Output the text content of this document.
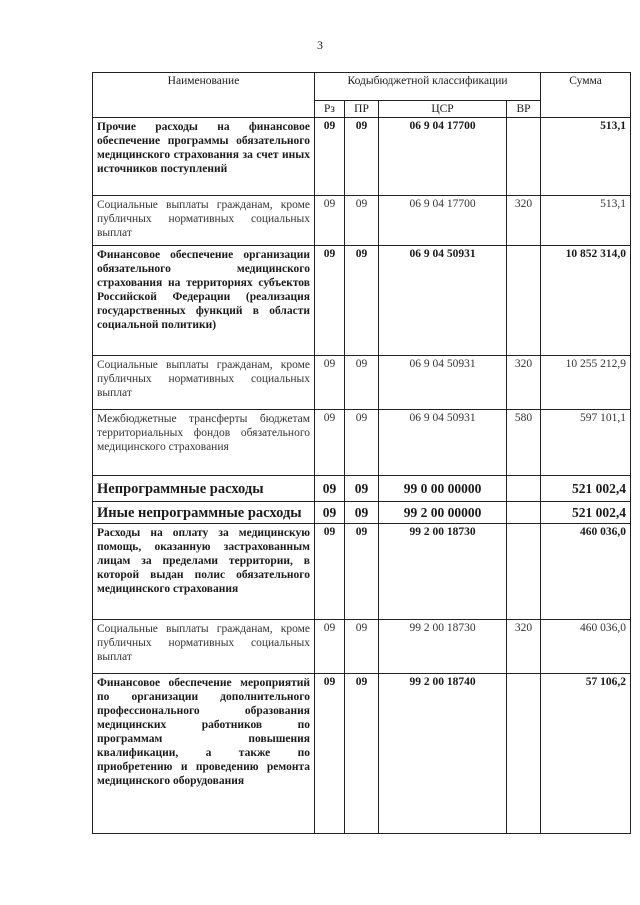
3
Наименование	Кодыбюджетной классификации				Сумма
	Рз	ПР	ЦСР	ВР	
Прочие расходы на финансовое обеспечение программы обязательного медицинского страхования за счет иных источников поступлений	09	09	06 9 04 17700		513,1
Социальные выплаты гражданам, кроме публичных нормативных социальных выплат	09	09	06 9 04 17700	320	513,1
Финансовое обеспечение организации обязательного медицинского страхования на территориях субъектов Российской Федерации (реализация государственных функций в области социальной политики)	09	09	06 9 04 50931		10 852 314,0
Социальные выплаты гражданам, кроме публичных нормативных социальных выплат	09	09	06 9 04 50931	320	10 255 212,9
Межбюджетные трансферты бюджетам территориальных фондов обязательного медицинского страхования	09	09	06 9 04 50931	580	597 101,1
Непрограммные расходы	09	09	99 0 00 00000		521 002,4
Иные непрограммные расходы	09	09	99 2 00 00000		521 002,4
Расходы на оплату за медицинскую помощь, оказанную застрахованным лицам за пределами территории, в которой выдан полис обязательного медицинского страхования	09	09	99 2 00 18730		460 036,0
Социальные выплаты гражданам, кроме публичных нормативных социальных выплат	09	09	99 2 00 18730	320	460 036,0
Финансовое обеспечение мероприятий по организации дополнительного профессионального образования медицинских работников по программам повышения квалификации, а также по приобретению и проведению ремонта медицинского оборудования	09	09	99 2 00 18740		57 106,2
